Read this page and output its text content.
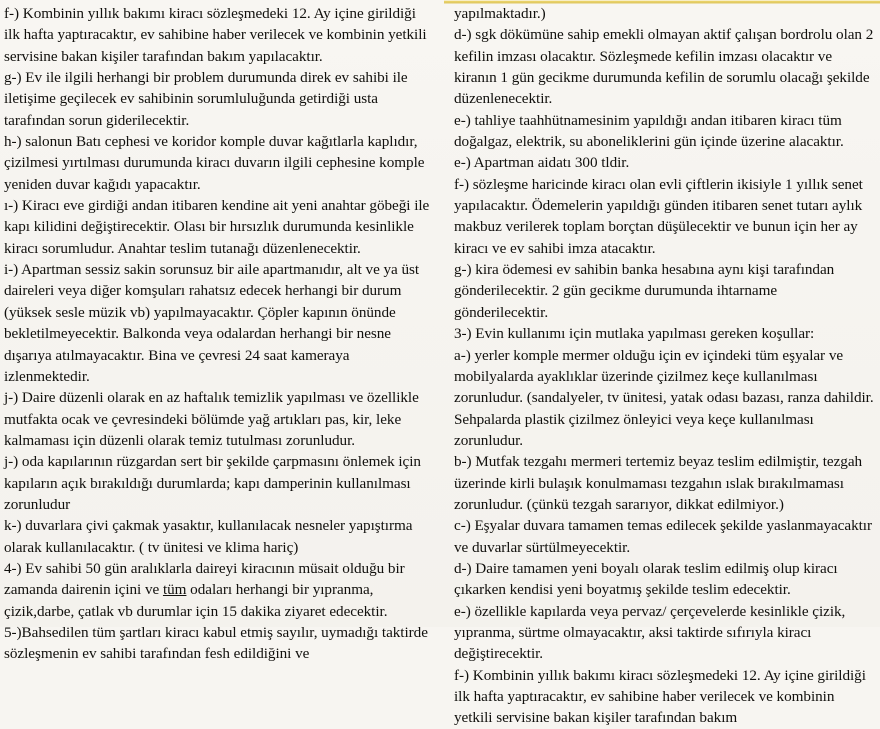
f-) Kombinin yıllık bakımı kiracı sözleşmedeki 12. Ay içine girildiği ilk hafta yaptıracaktır, ev sahibine haber verilecek ve kombinin yetkili servisine bakan kişiler tarafından bakım yapılacaktır.

g-) Ev ile ilgili herhangi bir problem durumunda direk ev sahibi ile iletişime geçilecek ev sahibinin sorumluluğunda getirdiği usta tarafından sorun giderilecektir.

h-) salonun Batı cephesi ve koridor komple duvar kağıtlarla kaplıdır, çizilmesi yırtılması durumunda kiracı duvarın ilgili cephesine komple yeniden duvar kağıdı yapacaktır.

ı-) Kiracı eve girdiği andan itibaren kendine ait yeni anahtar göbeği ile kapı kilidini değiştirecektir. Olası bir hırsızlık durumunda kesinlikle kiracı sorumludur. Anahtar teslim tutanağı düzenlenecektir.

i-) Apartman sessiz sakin sorunsuz bir aile apartmanıdır, alt ve ya üst daireleri veya diğer komşuları rahatsız edecek herhangi bir durum (yüksek sesle müzik vb) yapılmayacaktır. Çöpler kapının önünde bekletilmeyecektir. Balkonda veya odalardan herhangi bir nesne dışarıya atılmayacaktır. Bina ve çevresi 24 saat kameraya izlenmektedir.

j-) Daire düzenli olarak en az haftalık temizlik yapılması ve özellikle mutfakta ocak ve çevresindeki bölümde yağ artıkları pas, kir, leke kalmaması için düzenli olarak temiz tutulması zorunludur.

j-) oda kapılarının rüzgardan sert bir şekilde çarpmasını önlemek için kapıların açık bırakıldığı durumlarda; kapı damperinin kullanılması zorunludur

k-) duvarlara çivi çakmak yasaktır, kullanılacak nesneler yapıştırma olarak kullanılacaktır. ( tv ünitesi ve klima hariç)

4-) Ev sahibi 50 gün aralıklarla daireyi kiracının müsait olduğu bir zamanda dairenin içini ve tüm odaları herhangi bir yıpranma, çizik,darbe, çatlak vb durumlar için 15 dakika ziyaret edecektir.

5-)Bahsedilen tüm şartları kiracı kabul etmiş sayılır, uymadığı taktirde sözleşmenin ev sahibi tarafından fesh edildiğini ve

yapılmaktadır.)

d-) sgk dökümüne sahip emekli olmayan aktif çalışan bordrolu olan 2 kefilin imzası olacaktır. Sözleşmede kefilin imzası olacaktır ve kiranın 1 gün gecikme durumunda kefilin de sorumlu olacağı şekilde düzenlenecektir.

e-) tahliye taahhütnamesinim yapıldığı andan itibaren kiracı tüm doğalgaz, elektrik, su aboneliklerini gün içinde üzerine alacaktır.

e-) Apartman aidatı 300 tldir.

f-) sözleşme haricinde kiracı olan evli çiftlerin ikisiyle 1 yıllık senet yapılacaktır. Ödemelerin yapıldığı günden itibaren senet tutarı aylık makbuz verilerek toplam borçtan düşülecektir ve bunun için her ay kiracı ve ev sahibi imza atacaktır.

g-) kira ödemesi ev sahibin banka hesabına aynı kişi tarafından gönderilecektir. 2 gün gecikme durumunda ihtarname gönderilecektir.

3-) Evin kullanımı için mutlaka yapılması gereken koşullar:

a-) yerler komple mermer olduğu için ev içindeki tüm eşyalar ve mobilyalarda ayaklıklar üzerinde çizilmez keçe kullanılması zorunludur. (sandalyeler, tv ünitesi, yatak odası bazası, ranza dahildir. Sehpalarda plastik çizilmez önleyici veya keçe kullanılması zorunludur.

b-) Mutfak tezgahı mermeri tertemiz beyaz teslim edilmiştir, tezgah üzerinde kirli bulaşık konulmaması tezgahın ıslak bırakılmaması zorunludur. (çünkü tezgah sararıyor, dikkat edilmiyor.)

c-) Eşyalar duvara tamamen temas edilecek şekilde yaslanmayacaktır ve duvarlar sürtülmeyecektir.

d-) Daire tamamen yeni boyalı olarak teslim edilmiş olup kiracı çıkarken kendisi yeni boyatmış şekilde teslim edecektir.

e-) özellikle kapılarda veya pervaz/ çerçevelerde kesinlikle çizik, yıpranma, sürtme olmayacaktır, aksi taktirde sıfırıyla kiracı değiştirecektir.

f-) Kombinin yıllık bakımı kiracı sözleşmedeki 12. Ay içine girildiği ilk hafta yaptıracaktır, ev sahibine haber verilecek ve kombinin yetkili servisine bakan kişiler tarafından bakım
